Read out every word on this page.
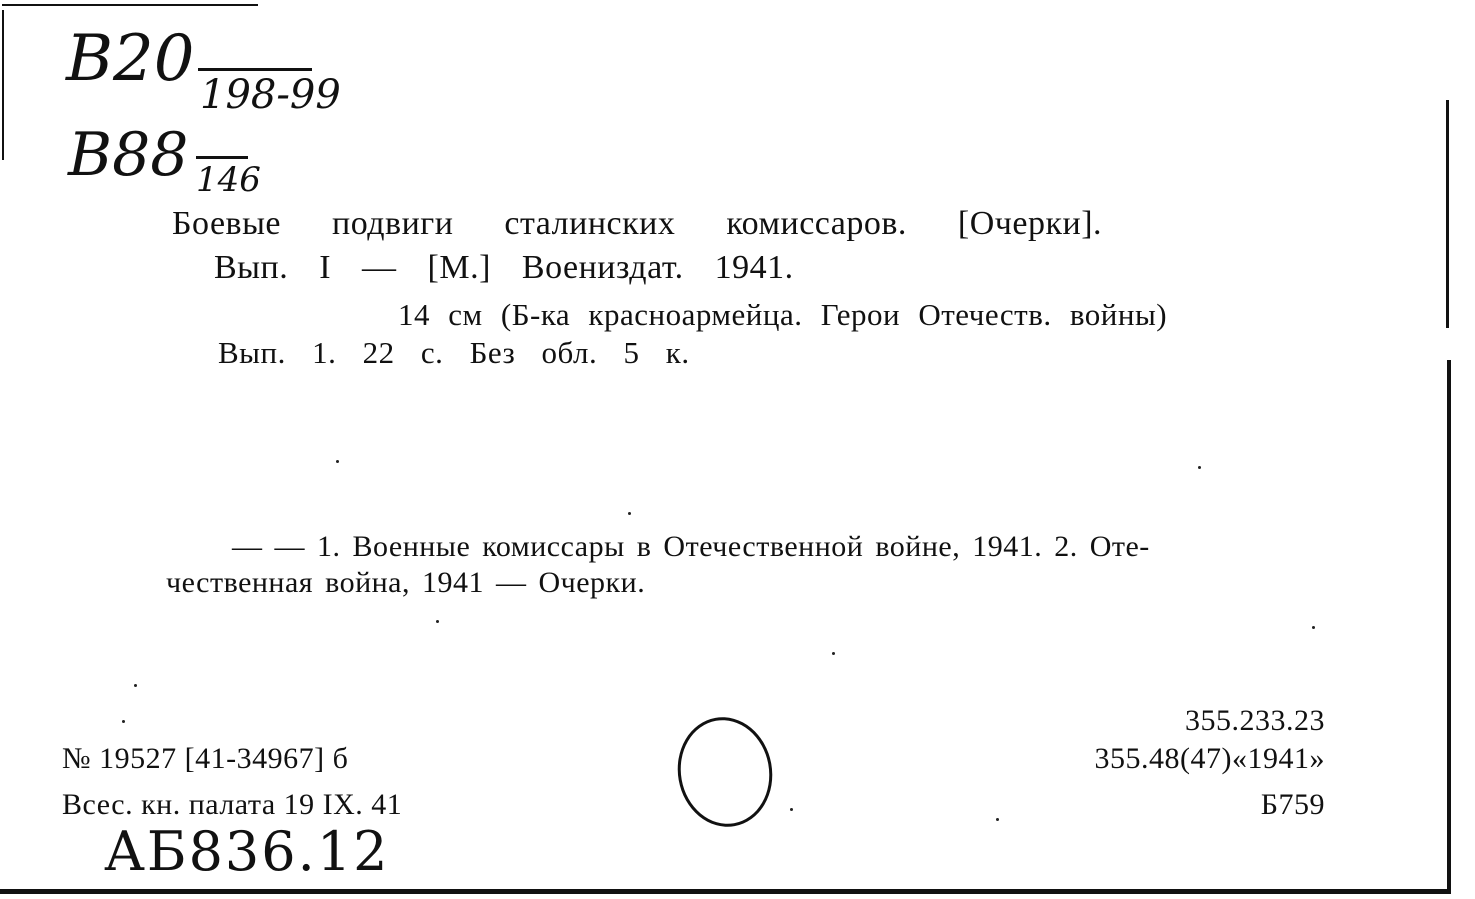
B20 198-99
B88 146
Боевые подвиги сталинских комиссаров. [Очерки].
Вып. I — [М.] Воениздат. 1941.
14 см (Б-ка красноармейца. Герои Отечеств. войны)
Вып. 1. 22 с. Без обл. 5 к.
— — 1. Военные комиссары в Отечественной войне, 1941. 2. Оте-
чественная война, 1941 — Очерки.
№ 19527 [41-34967] б
Всес. кн. палата 19 IX. 41
АБ836.12
355.233.23
355.48(47)«1941»
Б759
